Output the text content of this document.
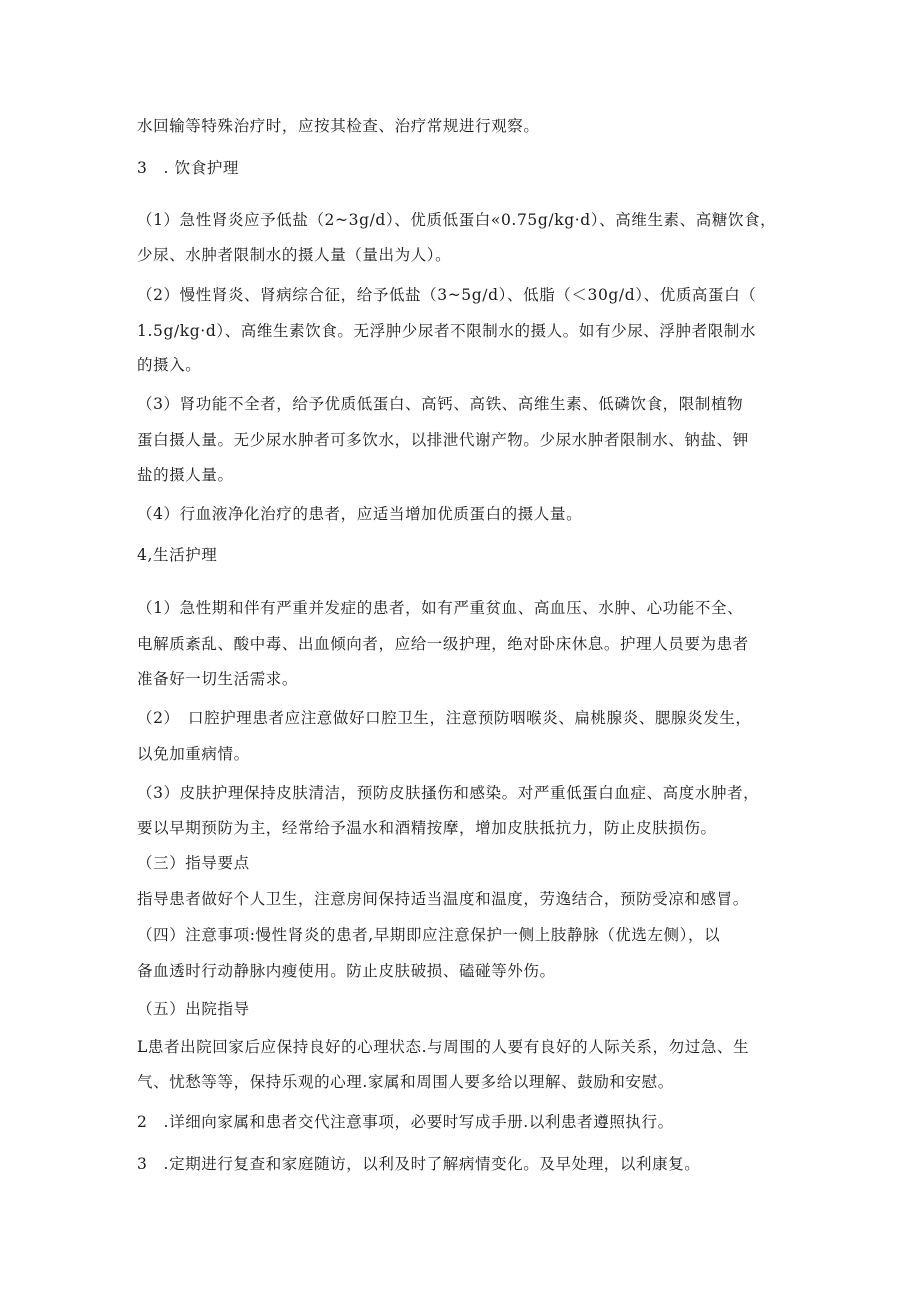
水回输等特殊治疗时，应按其检查、治疗常规进行观察。
3　. 饮食护理
（1）急性肾炎应予低盐（2~3g/d）、优质低蛋白«0.75g/kg·d）、高维生素、高糖饮食，
少尿、水肿者限制水的摄人量（量出为人）。
（2）慢性肾炎、肾病综合征，给予低盐（3~5g∕d）、低脂（＜30g/d）、优质高蛋白（
1.5g∕kg·d）、高维生素饮食。无浮肿少尿者不限制水的摄人。如有少尿、浮肿者限制水
的摄入。
（3）肾功能不全者，给予优质低蛋白、高钙、高铁、高维生素、低磷饮食，限制植物
蛋白摄人量。无少尿水肿者可多饮水，以排泄代谢产物。少尿水肿者限制水、钠盐、钾
盐的摄人量。
（4）行血液净化治疗的患者，应适当增加优质蛋白的摄人量。
4,生活护理
（1）急性期和伴有严重并发症的患者，如有严重贫血、高血压、水肿、心功能不全、
电解质紊乱、酸中毒、出血倾向者，应给一级护理，绝对卧床休息。护理人员要为患者
准备好一切生活需求。
（2）　口腔护理患者应注意做好口腔卫生，注意预防咽喉炎、扁桃腺炎、腮腺炎发生，
以免加重病情。
（3）皮肤护理保持皮肤清洁，预防皮肤搔伤和感染。对严重低蛋白血症、高度水肿者，
要以早期预防为主，经常给予温水和酒精按摩，增加皮肤抵抗力，防止皮肤损伤。
（三）指导要点
指导患者做好个人卫生，注意房间保持适当温度和温度，劳逸结合，预防受凉和感冒。
（四）注意事项:慢性肾炎的患者,早期即应注意保护一侧上肢静脉（优选左侧），以
备血透时行动静脉内瘦使用。防止皮肤破损、磕碰等外伤。
（五）出院指导
L患者出院回家后应保持良好的心理状态.与周围的人要有良好的人际关系，勿过急、生
气、忧愁等等，保持乐观的心理.家属和周围人要多给以理解、鼓励和安慰。
2　.详细向家属和患者交代注意事项，必要时写成手册.以利患者遵照执行。
3　.定期进行复查和家庭随访，以利及时了解病情变化。及早处理，以利康复。
